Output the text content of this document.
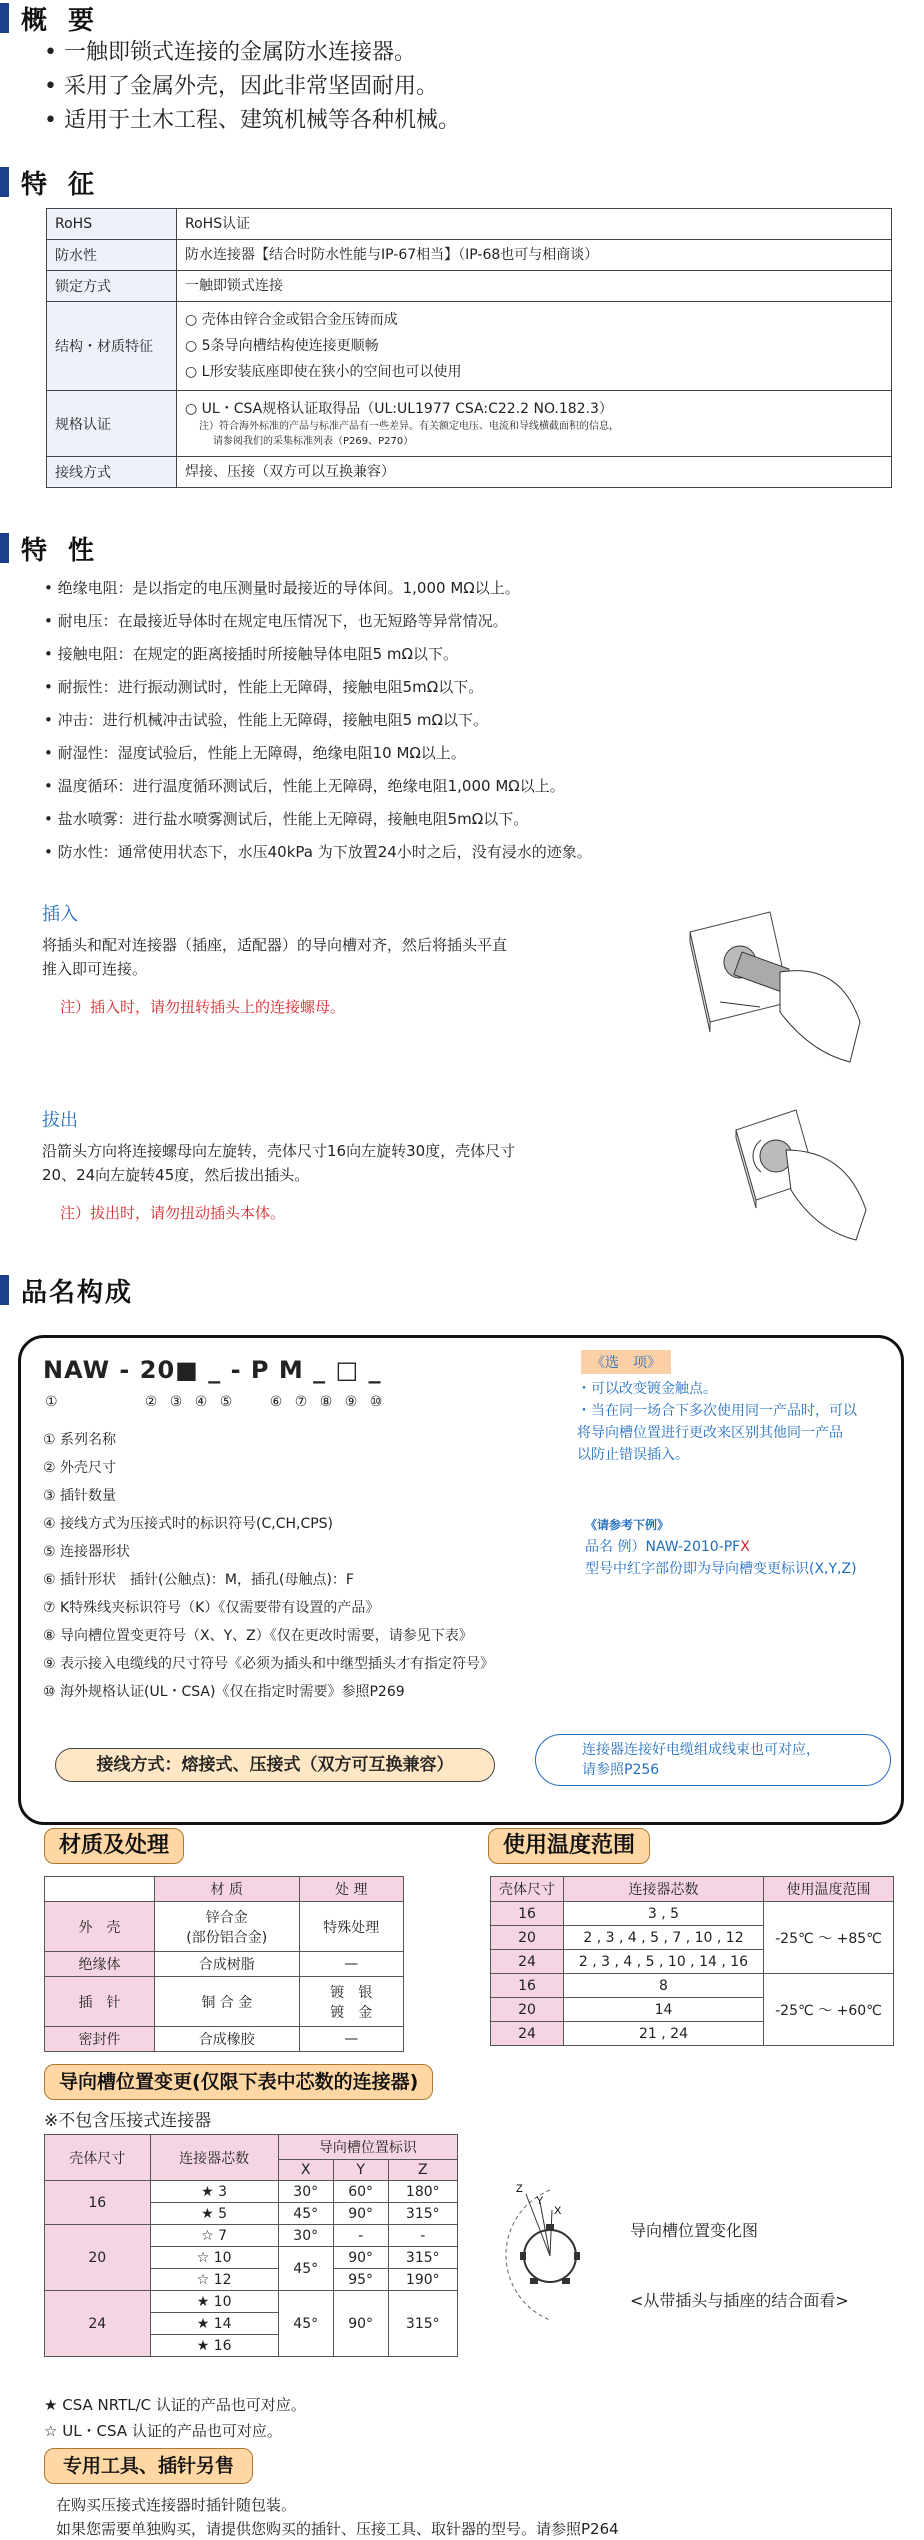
概 要
• 一触即锁式连接的金属防水连接器。
• 采用了金属外壳，因此非常坚固耐用。
• 适用于土木工程、建筑机械等各种机械。
特 征
RoHS	RoHS认证
防水性	防水连接器【结合时防水性能与IP-67相当】（IP-68也可与相商谈）
锁定方式	一触即锁式连接
结构・材质特征	○ 壳体由锌合金或铝合金压铸而成
○ 5条导向槽结构使连接更顺畅
○ L形安装底座即使在狭小的空间也可以使用

规格认证	○ UL・CSA规格认证取得品（UL:UL1977 CSA:C22.2 NO.182.3）
注）符合海外标准的产品与标准产品有一些差异。有关额定电压、电流和导线横截面积的信息，
请参阅我们的采集标准列表（P269、P270）

接线方式	焊接、压接（双方可以互换兼容）
特 性
• 绝缘电阻：是以指定的电压测量时最接近的导体间。1,000 MΩ以上。
• 耐电压：在最接近导体时在规定电压情况下，也无短路等异常情况。
• 接触电阻：在规定的距离接插时所接触导体电阻5 mΩ以下。
• 耐振性：进行振动测试时，性能上无障碍，接触电阻5mΩ以下。
• 冲击：进行机械冲击试验，性能上无障碍，接触电阻5 mΩ以下。
• 耐湿性：湿度试验后，性能上无障碍，绝缘电阻10 MΩ以上。
• 温度循环：进行温度循环测试后，性能上无障碍，绝缘电阻1,000 MΩ以上。
• 盐水喷雾：进行盐水喷雾测试后，性能上无障碍，接触电阻5mΩ以下。
• 防水性：通常使用状态下，水压40kPa 为下放置24小时之后，没有浸水的迹象。
插入
将插头和配对连接器（插座，适配器）的导向槽对齐，然后将插头平直
推入即可连接。
注）插入时，请勿扭转插头上的连接螺母。
拔出
沿箭头方向将连接螺母向左旋转，壳体尺寸16向左旋转30度，壳体尺寸
20、24向左旋转45度，然后拔出插头。
注）拔出时，请勿扭动插头本体。
品名构成
NAW - 20■ _ - P M _ □ _
①	② ③ ④ ⑤	⑥ ⑦ ⑧ ⑨ ⑩
① 系列名称
② 外壳尺寸
③ 插针数量
④ 接线方式为压接式时的标识符号(C,CH,CPS)
⑤ 连接器形状
⑥ 插针形状　插针(公触点)：M，插孔(母触点)：F
⑦ K特殊线夹标识符号（K）《仅需要带有设置的产品》
⑧ 导向槽位置变更符号（X、Y、Z）《仅在更改时需要，请参见下表》
⑨ 表示接入电缆线的尺寸符号《必须为插头和中继型插头才有指定符号》
⑩ 海外规格认证(UL・CSA)《仅在指定时需要》参照P269
《选　项》
・可以改变镀金触点。
・当在同一场合下多次使用同一产品时，可以
将导向槽位置进行更改来区别其他同一产品
以防止错误插入。
《请参考下例》
品名 例）NAW-2010-PFX
型号中红字部份即为导向槽变更标识(X,Y,Z)
接线方式：熔接式、压接式（双方可互换兼容）
连接器连接好电缆组成线束也可对应，
请参照P256
材质及处理
	材 质	处 理
外　壳	锌合金
(部份铝合金)	特殊处理
绝缘体	合成树脂	—
插　针	铜 合 金	镀　银
镀　金
密封件	合成橡胶	—
使用温度范围
壳体尺寸	连接器芯数	使用温度范围
16	3 , 5	-25℃ ～ +85℃
20	2 , 3 , 4 , 5 , 7 , 10 , 12	
24	2 , 3 , 4 , 5 , 10 , 14 , 16	
16	8	-25℃ ～ +60℃
20	14	
24	21 , 24	
导向槽位置变更(仅限下表中芯数的连接器)
※不包含压接式连接器
壳体尺寸	连接器芯数	导向槽位置标识		
		X	Y	Z
16	★ 3	30°	60°	180°
	★ 5	45°	90°	315°
20	☆ 7	30°	-	-
	☆ 10	45°	90°	315°
	☆ 12		95°	190°
24	★ 10	45°	90°	315°
	★ 14			
	★ 16			
★ CSA NRTL/C 认证的产品也可对应。
☆ UL・CSA 认证的产品也可对应。
Z
Y
X
导向槽位置变化图
<从带插头与插座的结合面看>
专用工具、插针另售
在购买压接式连接器时插针随包装。
如果您需要单独购买，请提供您购买的插针、压接工具、取针器的型号。请参照P264
